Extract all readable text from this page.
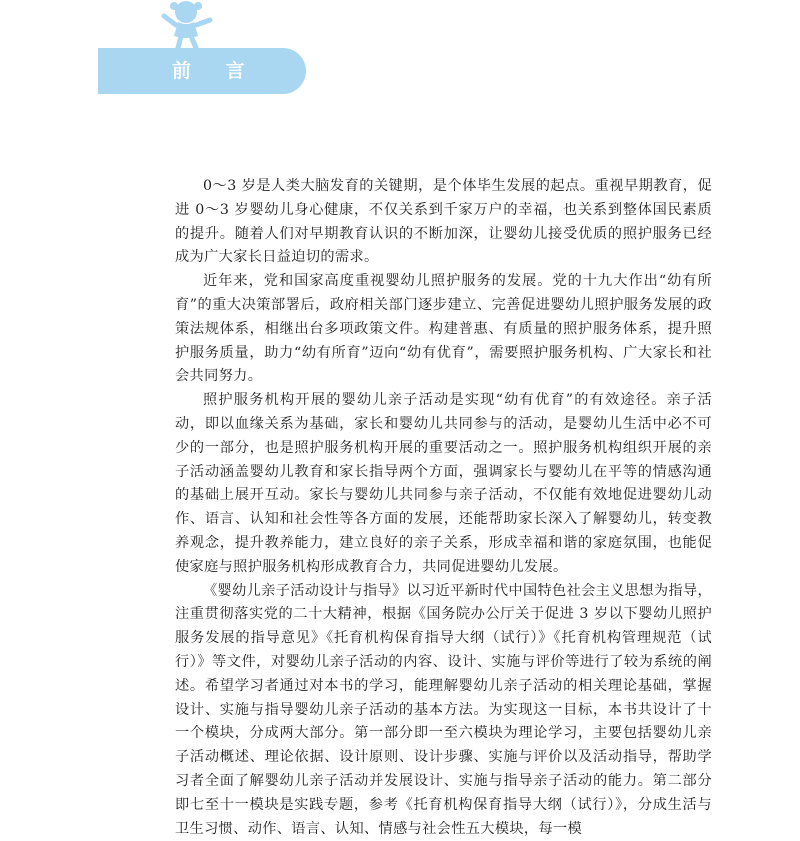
前 言

0～3 岁是人类大脑发育的关键期，是个体毕生发展的起点。重视早期教育，促进 0～3 岁婴幼儿身心健康，不仅关系到千家万户的幸福，也关系到整体国民素质的提升。随着人们对早期教育认识的不断加深，让婴幼儿接受优质的照护服务已经成为广大家长日益迫切的需求。

近年来，党和国家高度重视婴幼儿照护服务的发展。党的十九大作出“幼有所育”的重大决策部署后，政府相关部门逐步建立、完善促进婴幼儿照护服务发展的政策法规体系，相继出台多项政策文件。构建普惠、有质量的照护服务体系，提升照护服务质量，助力“幼有所育”迈向“幼有优育”，需要照护服务机构、广大家长和社会共同努力。

照护服务机构开展的婴幼儿亲子活动是实现“幼有优育”的有效途径。亲子活动，即以血缘关系为基础，家长和婴幼儿共同参与的活动，是婴幼儿生活中必不可少的一部分，也是照护服务机构开展的重要活动之一。照护服务机构组织开展的亲子活动涵盖婴幼儿教育和家长指导两个方面，强调家长与婴幼儿在平等的情感沟通的基础上展开互动。家长与婴幼儿共同参与亲子活动，不仅能有效地促进婴幼儿动作、语言、认知和社会性等各方面的发展，还能帮助家长深入了解婴幼儿，转变教养观念，提升教养能力，建立良好的亲子关系，形成幸福和谐的家庭氛围，也能促使家庭与照护服务机构形成教育合力，共同促进婴幼儿发展。

《婴幼儿亲子活动设计与指导》以习近平新时代中国特色社会主义思想为指导，注重贯彻落实党的二十大精神，根据《国务院办公厅关于促进 3 岁以下婴幼儿照护服务发展的指导意见》《托育机构保育指导大纲（试行）》《托育机构管理规范（试行）》等文件，对婴幼儿亲子活动的内容、设计、实施与评价等进行了较为系统的阐述。希望学习者通过对本书的学习，能理解婴幼儿亲子活动的相关理论基础，掌握设计、实施与指导婴幼儿亲子活动的基本方法。为实现这一目标，本书共设计了十一个模块，分成两大部分。第一部分即一至六模块为理论学习，主要包括婴幼儿亲子活动概述、理论依据、设计原则、设计步骤、实施与评价以及活动指导，帮助学习者全面了解婴幼儿亲子活动并发展设计、实施与指导亲子活动的能力。第二部分即七至十一模块是实践专题，参考《托育机构保育指导大纲（试行）》，分成生活与卫生习惯、动作、语言、认知、情感与社会性五大模块，每一模
